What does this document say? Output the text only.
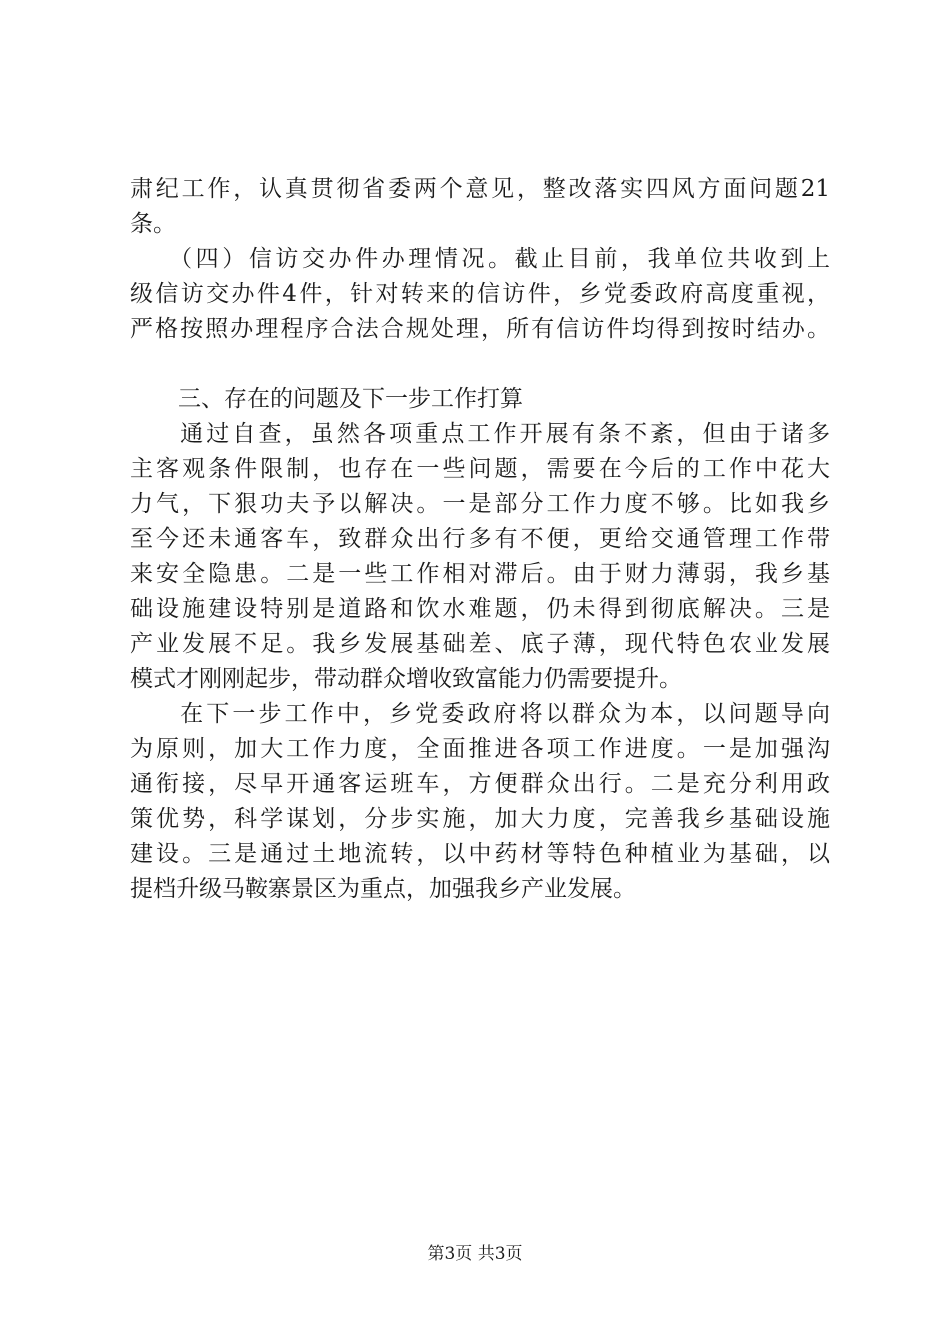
肃纪工作，认真贯彻省委两个意见，整改落实四风方面问题21
条。
　（四）信访交办件办理情况。截止目前，我单位共收到上
级信访交办件4件，针对转来的信访件，乡党委政府高度重视，
严格按照办理程序合法合规处理，所有信访件均得到按时结办。
三、存在的问题及下一步工作打算
　通过自查，虽然各项重点工作开展有条不紊，但由于诸多
主客观条件限制，也存在一些问题，需要在今后的工作中花大
力气，下狠功夫予以解决。一是部分工作力度不够。比如我乡
至今还未通客车，致群众出行多有不便，更给交通管理工作带
来安全隐患。二是一些工作相对滞后。由于财力薄弱，我乡基
础设施建设特别是道路和饮水难题，仍未得到彻底解决。三是
产业发展不足。我乡发展基础差、底子薄，现代特色农业发展
模式才刚刚起步，带动群众增收致富能力仍需要提升。
　在下一步工作中，乡党委政府将以群众为本，以问题导向
为原则，加大工作力度，全面推进各项工作进度。一是加强沟
通衔接，尽早开通客运班车，方便群众出行。二是充分利用政
策优势，科学谋划，分步实施，加大力度，完善我乡基础设施
建设。三是通过土地流转，以中药材等特色种植业为基础，以
提档升级马鞍寨景区为重点，加强我乡产业发展。
第3页 共3页
